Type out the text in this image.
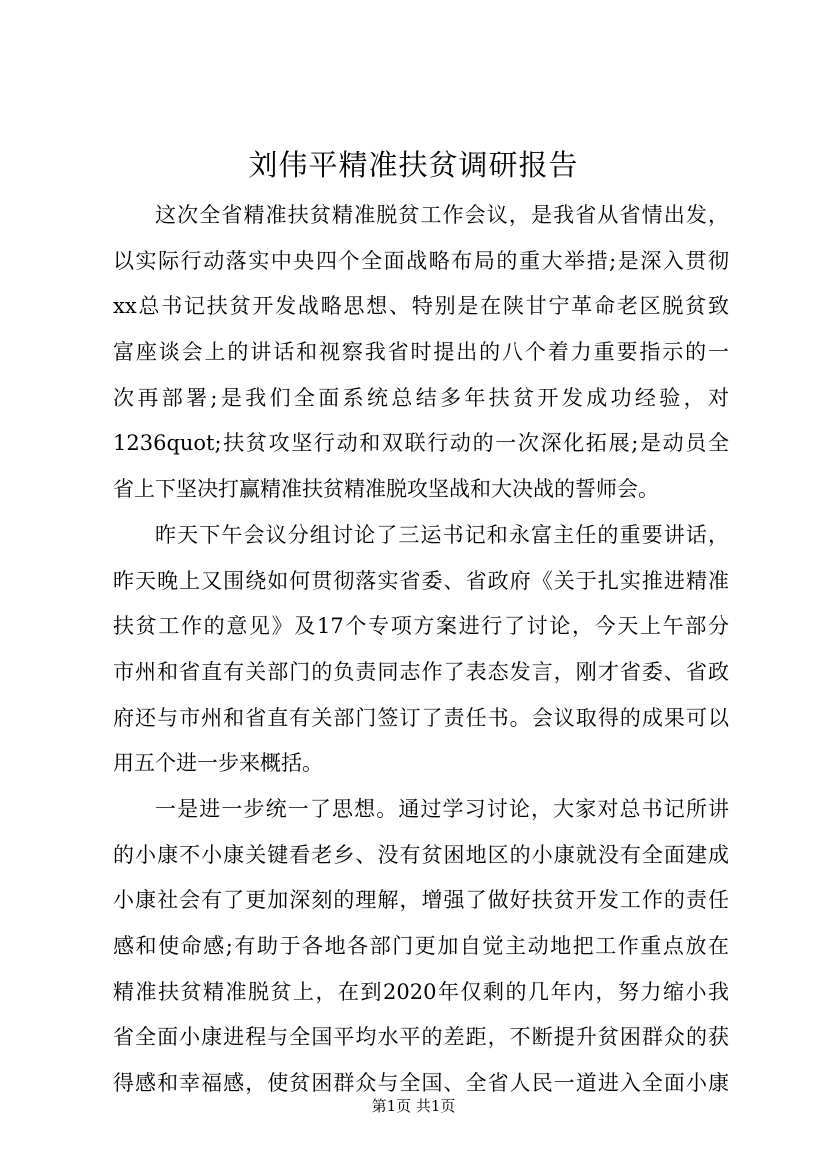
刘伟平精准扶贫调研报告
这次全省精准扶贫精准脱贫工作会议，是我省从省情出发，
以实际行动落实中央四个全面战略布局的重大举措;是深入贯彻
xx总书记扶贫开发战略思想、特别是在陕甘宁革命老区脱贫致
富座谈会上的讲话和视察我省时提出的八个着力重要指示的一
次再部署;是我们全面系统总结多年扶贫开发成功经验，对
1236quot;扶贫攻坚行动和双联行动的一次深化拓展;是动员全
省上下坚决打赢精准扶贫精准脱攻坚战和大决战的誓师会。
昨天下午会议分组讨论了三运书记和永富主任的重要讲话，
昨天晚上又围绕如何贯彻落实省委、省政府《关于扎实推进精准
扶贫工作的意见》及17个专项方案进行了讨论，今天上午部分
市州和省直有关部门的负责同志作了表态发言，刚才省委、省政
府还与市州和省直有关部门签订了责任书。会议取得的成果可以
用五个进一步来概括。
一是进一步统一了思想。通过学习讨论，大家对总书记所讲
的小康不小康关键看老乡、没有贫困地区的小康就没有全面建成
小康社会有了更加深刻的理解，增强了做好扶贫开发工作的责任
感和使命感;有助于各地各部门更加自觉主动地把工作重点放在
精准扶贫精准脱贫上，在到2020年仅剩的几年内，努力缩小我
省全面小康进程与全国平均水平的差距，不断提升贫困群众的获
得感和幸福感，使贫困群众与全国、全省人民一道进入全面小康
第1页 共1页
